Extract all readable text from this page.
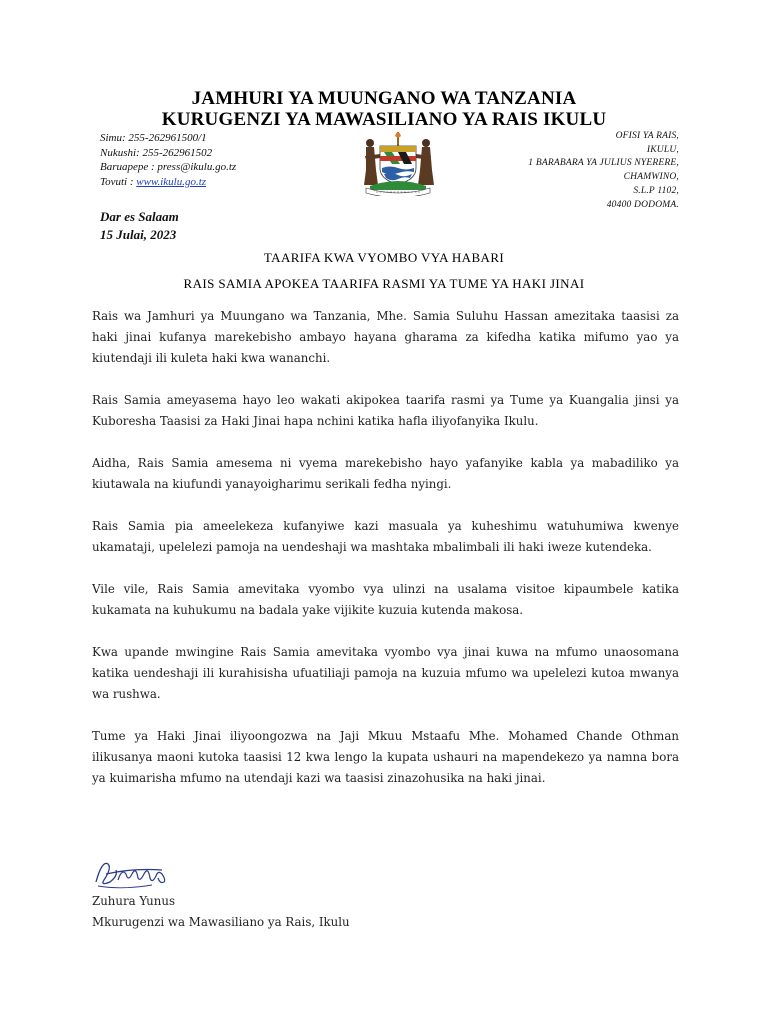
JAMHURI YA MUUNGANO WA TANZANIA
KURUGENZI YA MAWASILIANO YA RAIS IKULU
Simu: 255-262961500/1
Nukushi: 255-262961502
Baruapepe : press@ikulu.go.tz
Tovuti : www.ikulu.go.tz
OFISI YA RAIS,
IKULU,
1 BARABARA YA JULIUS NYERERE,
CHAMWINO,
S.L.P 1102,
40400 DODOMA.
Dar es Salaam
15 Julai, 2023
TAARIFA KWA VYOMBO VYA HABARI
RAIS SAMIA APOKEA TAARIFA RASMI YA TUME YA HAKI JINAI

Rais wa Jamhuri ya Muungano wa Tanzania, Mhe. Samia Suluhu Hassan amezitaka taasisi za haki jinai kufanya marekebisho ambayo hayana gharama za kifedha katika mifumo yao ya kiutendaji ili kuleta haki kwa wananchi.

Rais Samia ameyasema hayo leo wakati akipokea taarifa rasmi ya Tume ya Kuangalia jinsi ya Kuboresha Taasisi za Haki Jinai hapa nchini katika hafla iliyofanyika Ikulu.

Aidha, Rais Samia amesema ni vyema marekebisho hayo yafanyike kabla ya mabadiliko ya kiutawala na kiufundi yanayoigharimu serikali fedha nyingi.

Rais Samia pia ameelekeza kufanyiwe kazi masuala ya kuheshimu watuhumiwa kwenye ukamataji, upelelezi pamoja na uendeshaji wa mashtaka mbalimbali ili haki iweze kutendeka.

Vile vile, Rais Samia amevitaka vyombo vya ulinzi na usalama visitoe kipaumbele katika kukamata na kuhukumu na badala yake vijikite kuzuia kutenda makosa.

Kwa upande mwingine Rais Samia amevitaka vyombo vya jinai kuwa na mfumo unaosomana katika uendeshaji ili kurahisisha ufuatiliaji pamoja na kuzuia mfumo wa upelelezi kutoa mwanya wa rushwa.

Tume ya Haki Jinai iliyoongozwa na Jaji Mkuu Mstaafu Mhe. Mohamed Chande Othman ilikusanya maoni kutoka taasisi 12 kwa lengo la kupata ushauri na mapendekezo ya namna bora ya kuimarisha mfumo na utendaji kazi wa taasisi zinazohusika na haki jinai.

Zuhura Yunus
Mkurugenzi wa Mawasiliano ya Rais, Ikulu
